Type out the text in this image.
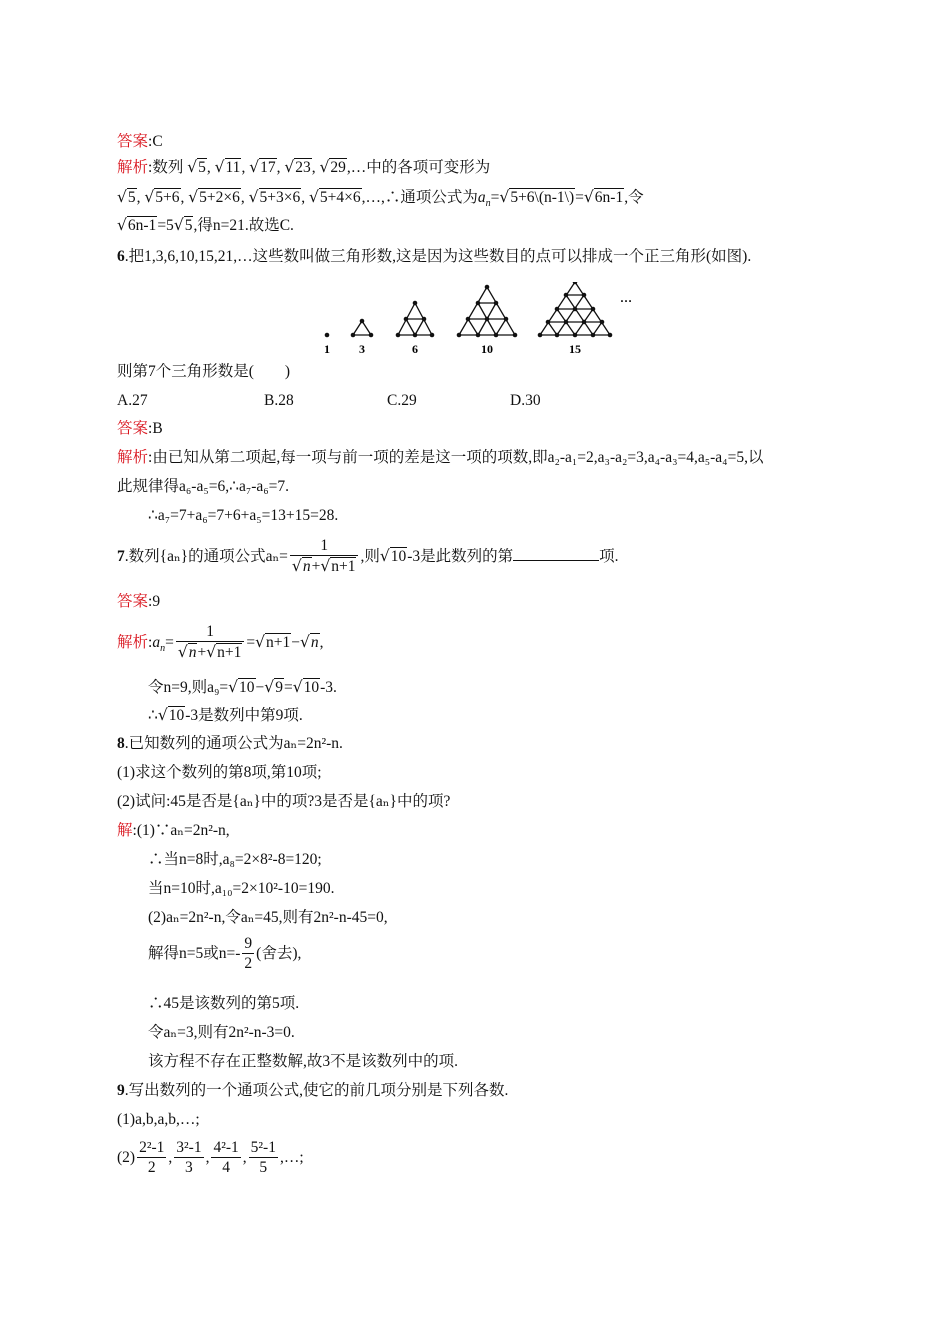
答案:C
解析:数列 √5, √11, √17, √23, √29,…中的各项可变形为
√5, √5+6, √5+2×6, √5+3×6, √5+4×6,…,∴通项公式为$a_n=√5+6\backslash(n-1\backslash)=√6n-1$,令
√6n-1=5√5,得n=21.故选C.
6.把1,3,6,10,15,21,…这些数叫做三角形数,这是因为这些数目的点可以排成一个正三角形(如图).
1 3	6	10	15
…
则第7个三角形数是(　　)
A.27	B.28	C.29	D.30
答案:B
解析:由已知从第二项起,每一项与前一项的差是这一项的项数,即a₂-a₁=2,a₃-a₂=3,a₄-a₃=4,a₅-a₄=5,以
此规律得a₆-a₅=6,∴a₇-a₆=7.
∴a₇=7+a₆=7+6+a₅=13+15=28.
7.数列{aₙ}的通项公式$a_n= \frac{1}{√n+√n+1}$ ,则√10-3是此数列的第	项.
答案:9
解析$:a_n= \frac{1}{√n+√n+1} =√n+1-√n$,
令n=9,则a₉=√10−√9=√10-3.
∴√10-3是数列中第9项.
8.已知数列的通项公式为aₙ=2n²-n.
(1)求这个数列的第8项,第10项;
(2)试问:45是否是{aₙ}中的项?3是否是{aₙ}中的项?
解:(1)∵aₙ=2n²-n,
∴当n=8时,a₈=2×8²-8=120;
当n=10时,a₁₀=2×10²-10=190.
(2)aₙ=2n²-n,令aₙ=45,则有2n²-n-45=0,
解得n=5或$n=- \frac{9}{2}$ (舍去),
∴45是该数列的第5项.
令aₙ=3,则有2n²-n-3=0.
该方程不存在正整数解,故3不是该数列中的项.
9.写出数列的一个通项公式,使它的前几项分别是下列各数.
(1)a,b,a,b,…;
$(2) \frac{\text{2²-1}}{2}$ , $\frac{\text{3²-1}}{3}$ , $\frac{\text{4²-1}}{4}$ , $\frac{\text{5²-1}}{5}$ ,…;
